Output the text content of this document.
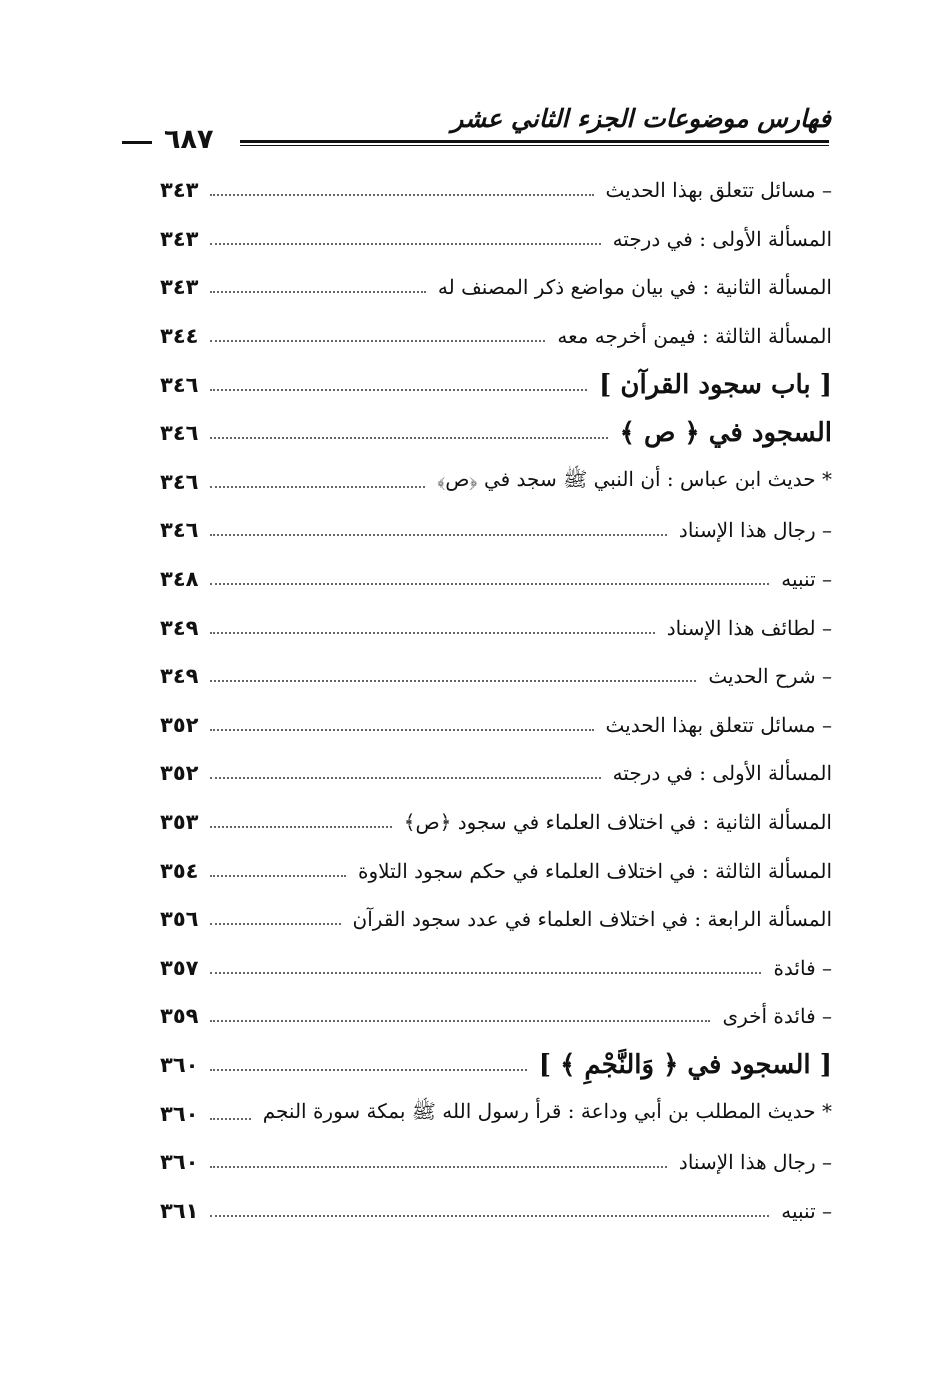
فهارس موضوعات الجزء الثاني عشر
٦٨٧
– مسائل تتعلق بهذا الحديث
٣٤٣
المسألة الأولى : في درجته
٣٤٣
المسألة الثانية : في بيان مواضع ذكر المصنف له
٣٤٣
المسألة الثالثة : فيمن أخرجه معه
٣٤٤
[ باب سجود القرآن ]
٣٤٦
السجود في ﴿ ص ﴾
٣٤٦
* حديث ابن عباس : أن النبي ﷺ سجد في ﴿ص﴾
٣٤٦
– رجال هذا الإسناد
٣٤٦
– تنبيه
٣٤٨
– لطائف هذا الإسناد
٣٤٩
– شرح الحديث
٣٤٩
– مسائل تتعلق بهذا الحديث
٣٥٢
المسألة الأولى : في درجته
٣٥٢
المسألة الثانية : في اختلاف العلماء في سجود ﴿ص﴾
٣٥٣
المسألة الثالثة : في اختلاف العلماء في حكم سجود التلاوة
٣٥٤
المسألة الرابعة : في اختلاف العلماء في عدد سجود القرآن
٣٥٦
– فائدة
٣٥٧
– فائدة أخرى
٣٥٩
[ السجود في ﴿ وَالنَّجْمِ ﴾ ]
٣٦٠
* حديث المطلب بن أبي وداعة : قرأ رسول الله ﷺ بمكة سورة النجم
٣٦٠
– رجال هذا الإسناد
٣٦٠
– تنبيه
٣٦١
